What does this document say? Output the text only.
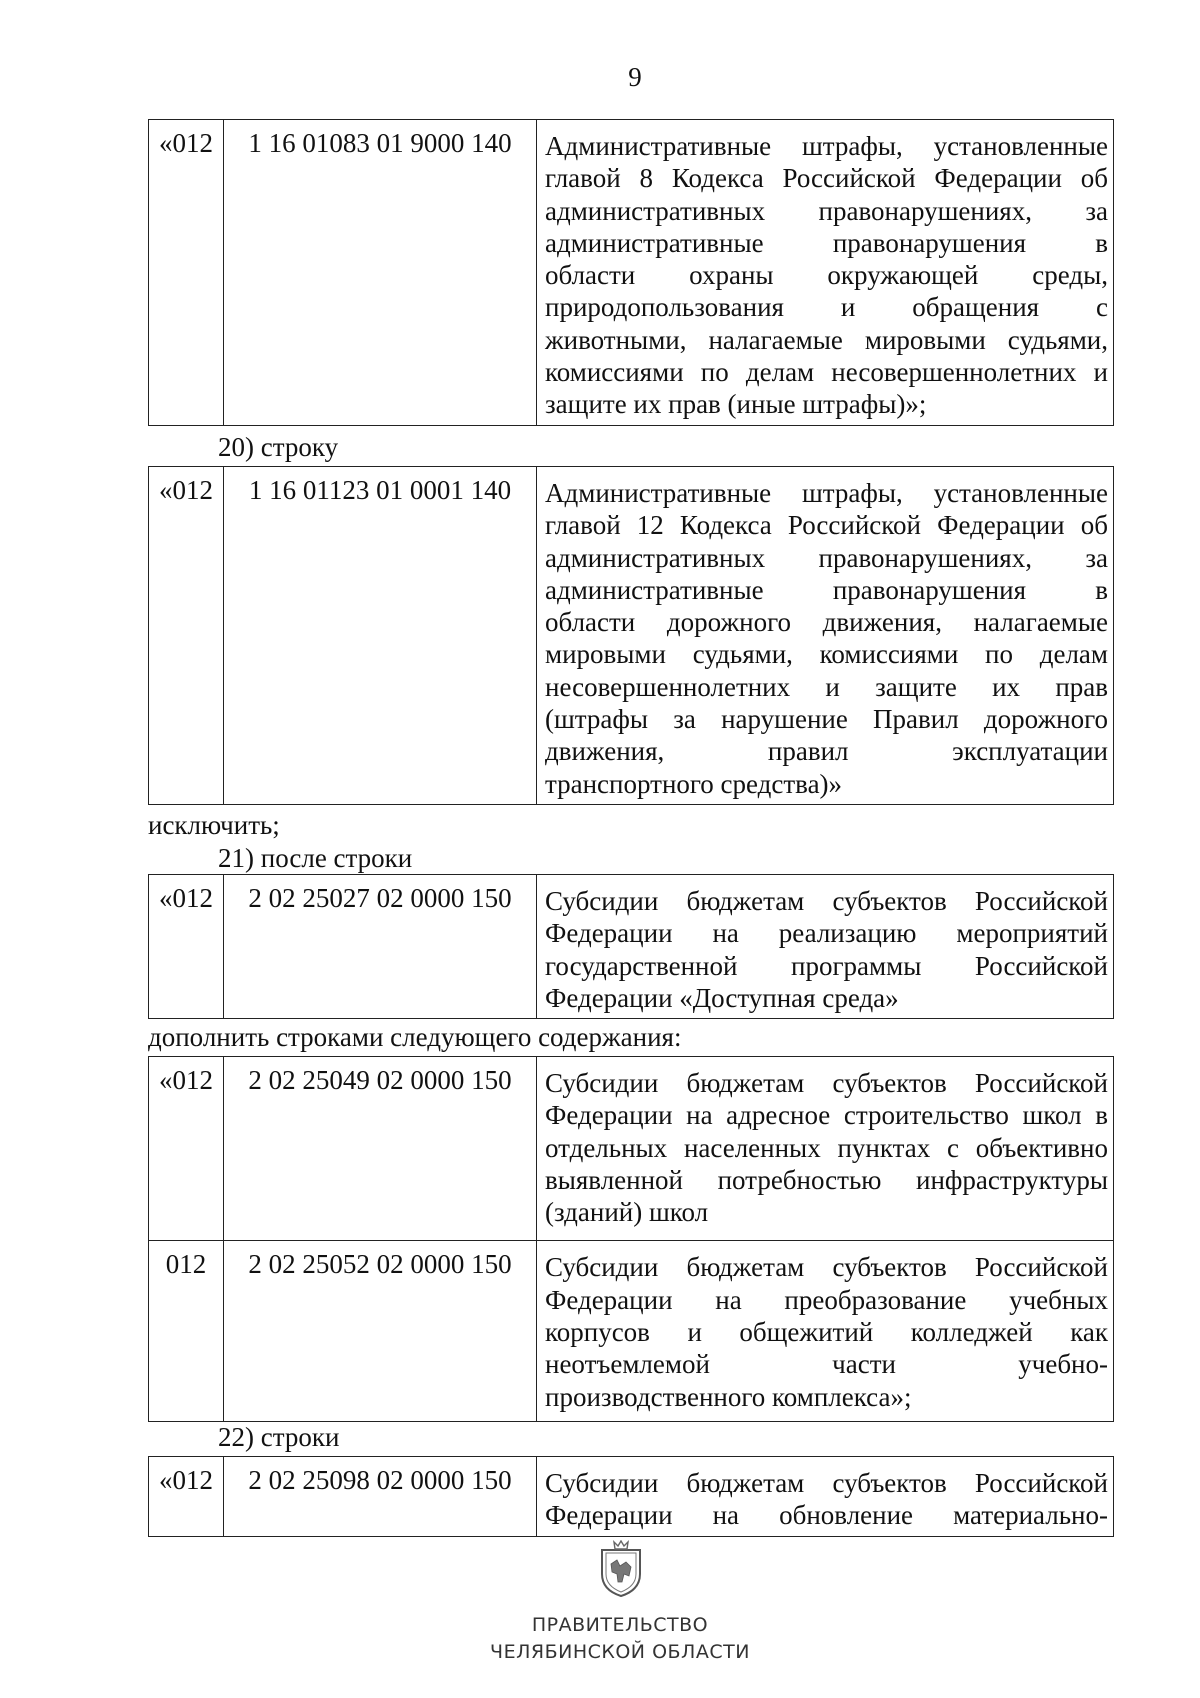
9
«012	1 16 01083 01 9000 140	Административные штрафы, установленные
главой 8 Кодекса Российской Федерации об
административных правонарушениях, за
административные правонарушения в
области охраны окружающей среды,
природопользования и обращения с
животными, налагаемые мировыми судьями,
комиссиями по делам несовершеннолетних и
защите их прав (иные штрафы)»;
20) строку
«012	1 16 01123 01 0001 140	Административные штрафы, установленные
главой 12 Кодекса Российской Федерации об
административных правонарушениях, за
административные правонарушения в
области дорожного движения, налагаемые
мировыми судьями, комиссиями по делам
несовершеннолетних и защите их прав
(штрафы за нарушение Правил дорожного
движения, правил эксплуатации
транспортного средства)»
исключить;
21) после строки
«012	2 02 25027 02 0000 150	Субсидии бюджетам субъектов Российской
Федерации на реализацию мероприятий
государственной программы Российской
Федерации «Доступная среда»
дополнить строками следующего содержания:
«012	2 02 25049 02 0000 150	Субсидии бюджетам субъектов Российской
Федерации на адресное строительство школ в
отдельных населенных пунктах с объективно
выявленной потребностью инфраструктуры
(зданий) школ

012	2 02 25052 02 0000 150	Субсидии бюджетам субъектов Российской
Федерации на преобразование учебных
корпусов и общежитий колледжей как
неотъемлемой части учебно-
производственного комплекса»;
22) строки
«012	2 02 25098 02 0000 150	Субсидии бюджетам субъектов Российской
Федерации на обновление материально-
ПРАВИТЕЛЬСТВО
ЧЕЛЯБИНСКОЙ ОБЛАСТИ
